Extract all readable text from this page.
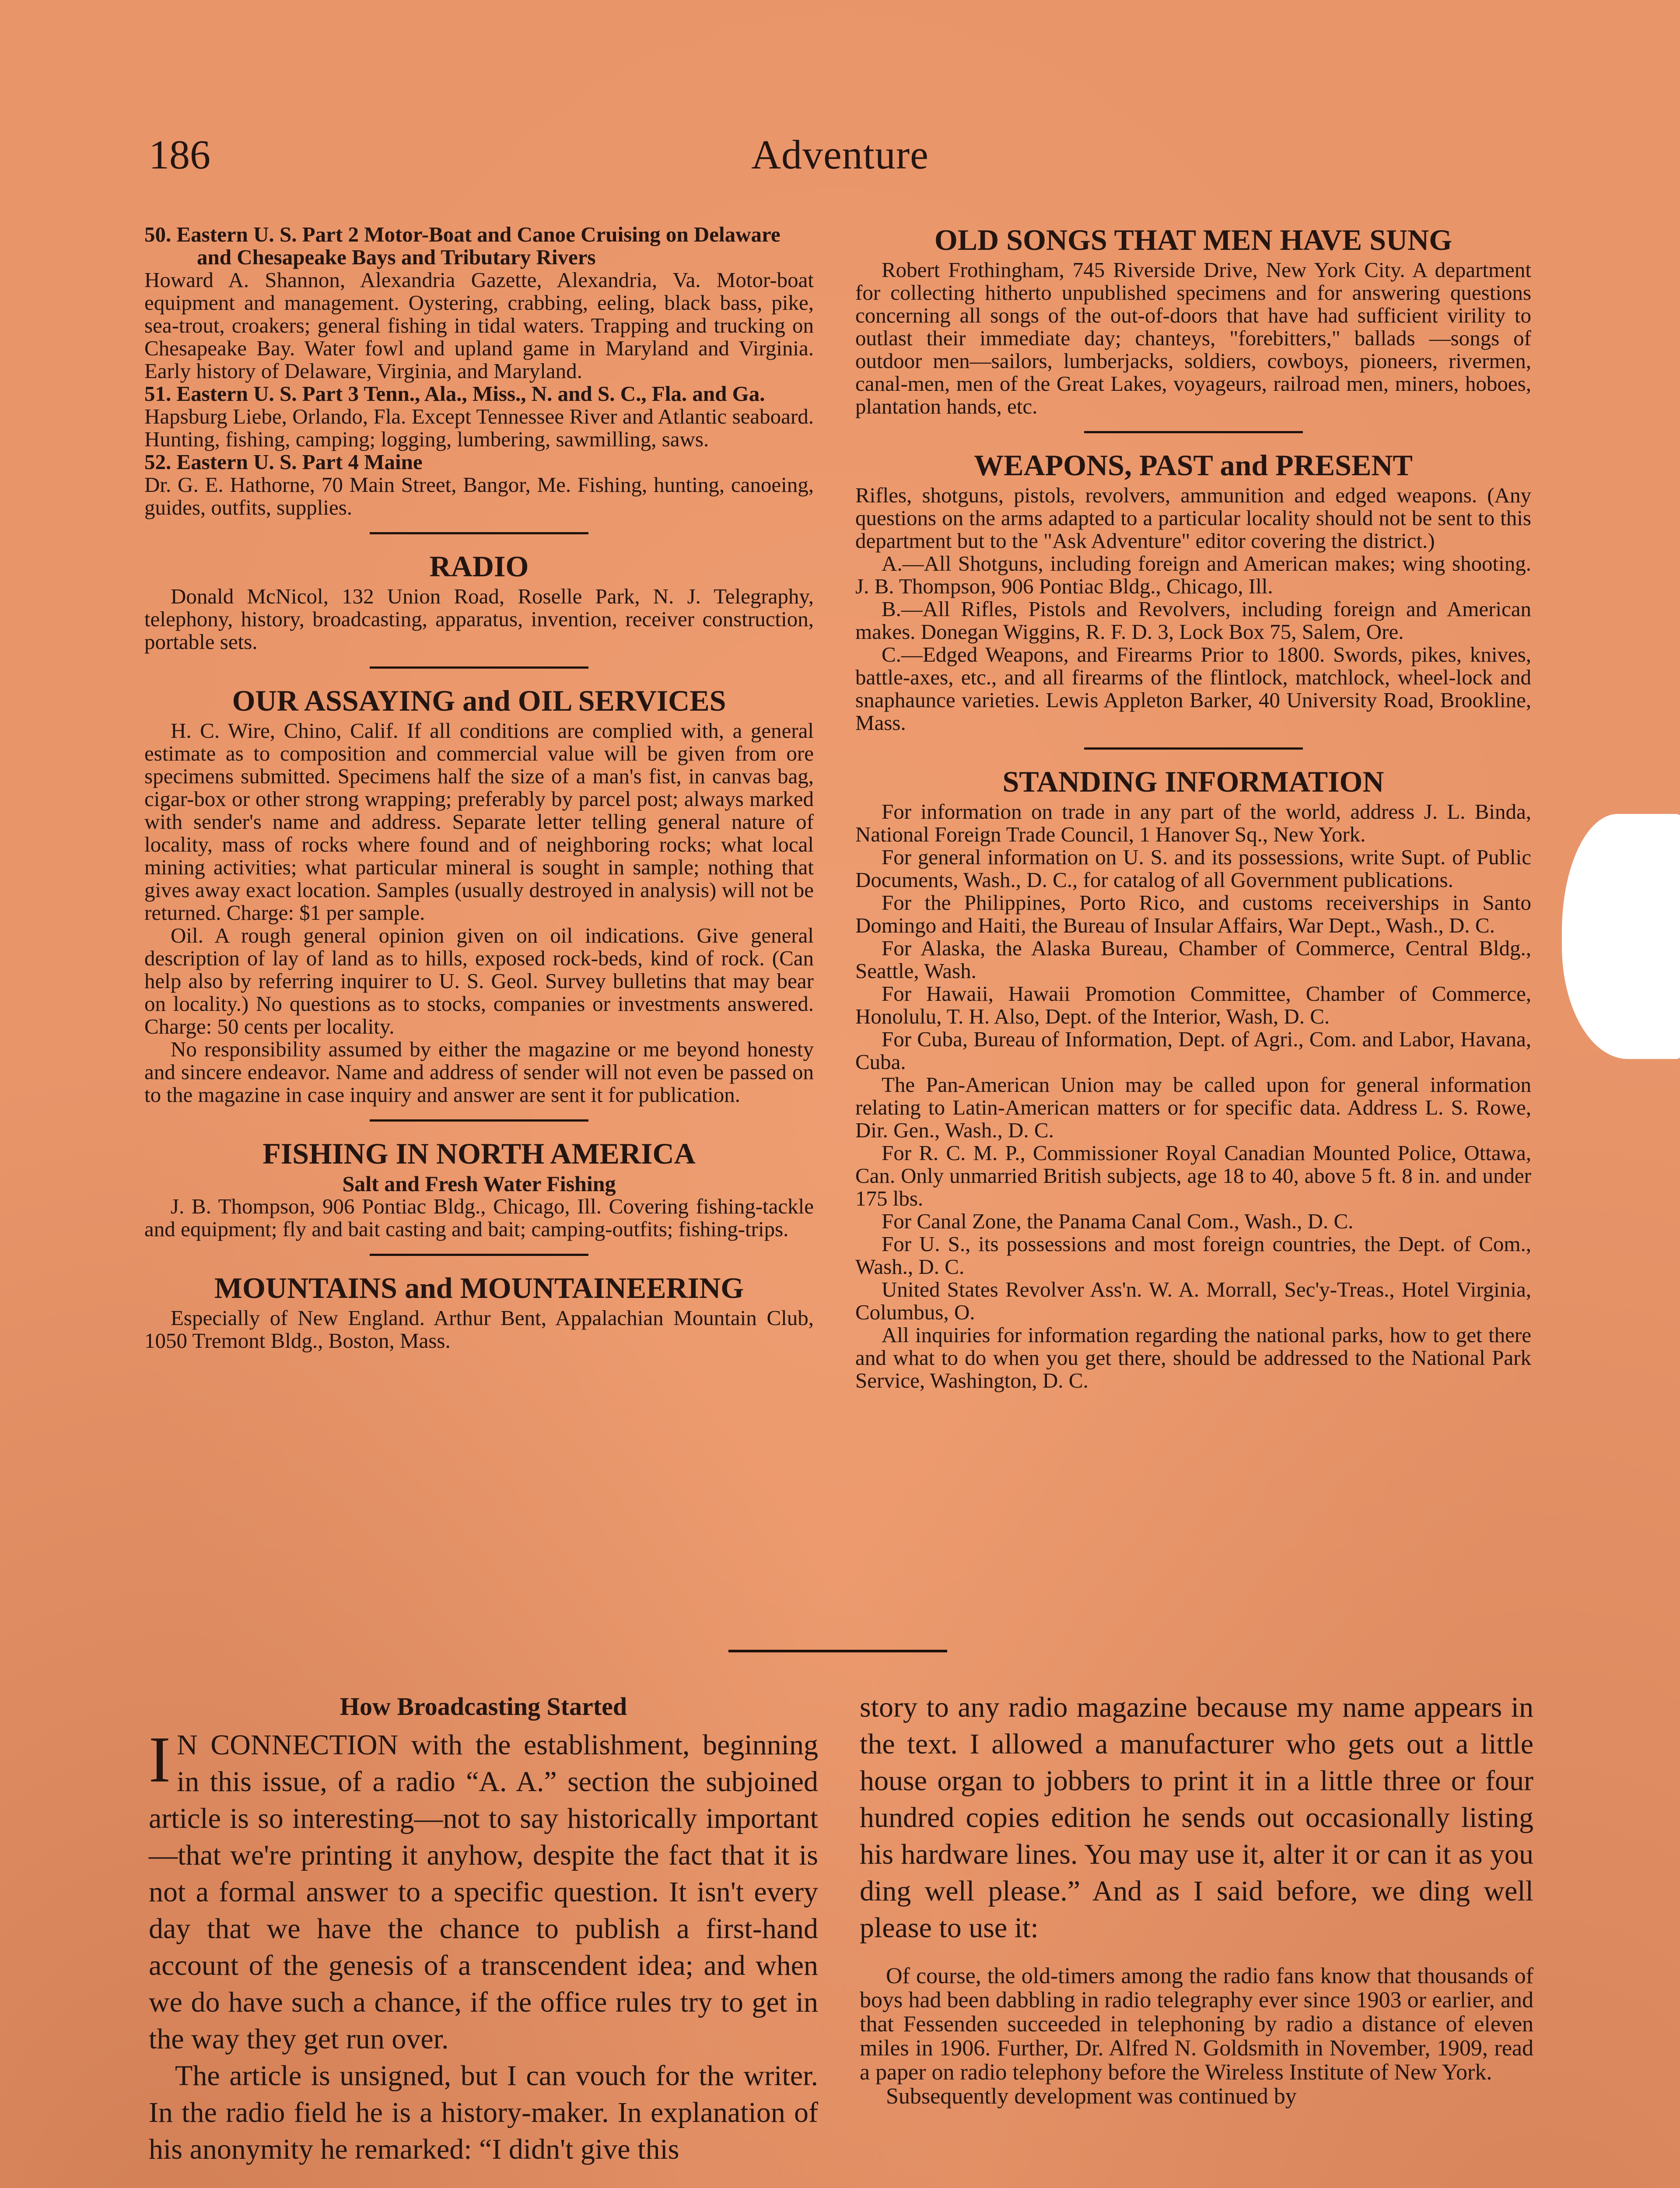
186	Adventure
50. Eastern U. S. Part 2 Motor-Boat and Canoe Cruising on Delaware and Chesapeake Bays and Tributary Rivers
Howard A. Shannon, Alexandria Gazette, Alexandria, Va. Motor-boat equipment and management. Oystering, crabbing, eeling, black bass, pike, sea-trout, croakers; general fishing in tidal waters. Trapping and trucking on Chesapeake Bay. Water fowl and upland game in Maryland and Virginia. Early history of Delaware, Virginia, and Maryland.
51. Eastern U. S. Part 3 Tenn., Ala., Miss., N. and S. C., Fla. and Ga.
Hapsburg Liebe, Orlando, Fla. Except Tennessee River and Atlantic seaboard. Hunting, fishing, camping; logging, lumbering, sawmilling, saws.
52. Eastern U. S. Part 4 Maine
Dr. G. E. Hathorne, 70 Main Street, Bangor, Me. Fishing, hunting, canoeing, guides, outfits, supplies.
RADIO
Donald McNicol, 132 Union Road, Roselle Park, N. J. Telegraphy, telephony, history, broadcasting, apparatus, invention, receiver construction, portable sets.
OUR ASSAYING and OIL SERVICES
H. C. Wire, Chino, Calif. If all conditions are complied with, a general estimate as to composition and commercial value will be given from ore specimens submitted. Specimens half the size of a man's fist, in canvas bag, cigar-box or other strong wrapping; preferably by parcel post; always marked with sender's name and address. Separate letter telling general nature of locality, mass of rocks where found and of neighboring rocks; what local mining activities; what particular mineral is sought in sample; nothing that gives away exact location. Samples (usually destroyed in analysis) will not be returned. Charge: $1 per sample.
Oil. A rough general opinion given on oil indications. Give general description of lay of land as to hills, exposed rock-beds, kind of rock. (Can help also by referring inquirer to U. S. Geol. Survey bulletins that may bear on locality.) No questions as to stocks, companies or investments answered. Charge: 50 cents per locality.
No responsibility assumed by either the magazine or me beyond honesty and sincere endeavor. Name and address of sender will not even be passed on to the magazine in case inquiry and answer are sent it for publication.
FISHING IN NORTH AMERICA
Salt and Fresh Water Fishing
J. B. Thompson, 906 Pontiac Bldg., Chicago, Ill. Covering fishing-tackle and equipment; fly and bait casting and bait; camping-outfits; fishing-trips.
MOUNTAINS and MOUNTAINEERING
Especially of New England. Arthur Bent, Appalachian Mountain Club, 1050 Tremont Bldg., Boston, Mass.
OLD SONGS THAT MEN HAVE SUNG
Robert Frothingham, 745 Riverside Drive, New York City. A department for collecting hitherto unpublished specimens and for answering questions concerning all songs of the out-of-doors that have had sufficient virility to outlast their immediate day; chanteys, "forebitters," ballads —songs of outdoor men—sailors, lumberjacks, soldiers, cowboys, pioneers, rivermen, canal-men, men of the Great Lakes, voyageurs, railroad men, miners, hoboes, plantation hands, etc.
WEAPONS, PAST and PRESENT
Rifles, shotguns, pistols, revolvers, ammunition and edged weapons. (Any questions on the arms adapted to a particular locality should not be sent to this department but to the "Ask Adventure" editor covering the district.)
A.—All Shotguns, including foreign and American makes; wing shooting. J. B. Thompson, 906 Pontiac Bldg., Chicago, Ill.
B.—All Rifles, Pistols and Revolvers, including foreign and American makes. Donegan Wiggins, R. F. D. 3, Lock Box 75, Salem, Ore.
C.—Edged Weapons, and Firearms Prior to 1800. Swords, pikes, knives, battle-axes, etc., and all firearms of the flintlock, matchlock, wheel-lock and snaphaunce varieties. Lewis Appleton Barker, 40 University Road, Brookline, Mass.
STANDING INFORMATION
For information on trade in any part of the world, address J. L. Binda, National Foreign Trade Council, 1 Hanover Sq., New York.
For general information on U. S. and its possessions, write Supt. of Public Documents, Wash., D. C., for catalog of all Government publications.
For the Philippines, Porto Rico, and customs receiverships in Santo Domingo and Haiti, the Bureau of Insular Affairs, War Dept., Wash., D. C.
For Alaska, the Alaska Bureau, Chamber of Commerce, Central Bldg., Seattle, Wash.
For Hawaii, Hawaii Promotion Committee, Chamber of Commerce, Honolulu, T. H. Also, Dept. of the Interior, Wash, D. C.
For Cuba, Bureau of Information, Dept. of Agri., Com. and Labor, Havana, Cuba.
The Pan-American Union may be called upon for general information relating to Latin-American matters or for specific data. Address L. S. Rowe, Dir. Gen., Wash., D. C.
For R. C. M. P., Commissioner Royal Canadian Mounted Police, Ottawa, Can. Only unmarried British subjects, age 18 to 40, above 5 ft. 8 in. and under 175 lbs.
For Canal Zone, the Panama Canal Com., Wash., D. C.
For U. S., its possessions and most foreign countries, the Dept. of Com., Wash., D. C.
United States Revolver Ass'n. W. A. Morrall, Sec'y-Treas., Hotel Virginia, Columbus, O.
All inquiries for information regarding the national parks, how to get there and what to do when you get there, should be addressed to the National Park Service, Washington, D. C.
How Broadcasting Started
I N CONNECTION with the establishment, beginning in this issue, of a radio “A. A.” section the subjoined article is so interesting—not to say historically important—that we're printing it anyhow, despite the fact that it is not a formal answer to a specific question. It isn't every day that we have the chance to publish a first-hand account of the genesis of a transcendent idea; and when we do have such a chance, if the office rules try to get in the way they get run over.
The article is unsigned, but I can vouch for the writer. In the radio field he is a history-maker. In explanation of his anonymity he remarked: “I didn't give this
story to any radio magazine because my name appears in the text. I allowed a manufacturer who gets out a little house organ to jobbers to print it in a little three or four hundred copies edition he sends out occasionally listing his hardware lines. You may use it, alter it or can it as you ding well please.” And as I said before, we ding well please to use it:
Of course, the old-timers among the radio fans know that thousands of boys had been dabbling in radio telegraphy ever since 1903 or earlier, and that Fessenden succeeded in telephoning by radio a distance of eleven miles in 1906. Further, Dr. Alfred N. Goldsmith in November, 1909, read a paper on radio telephony before the Wireless Institute of New York.
Subsequently development was continued by
